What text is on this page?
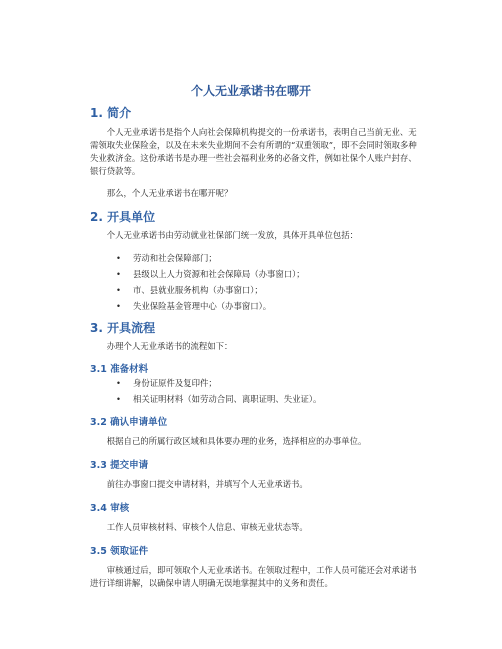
个人无业承诺书在哪开
1. 简介
个人无业承诺书是指个人向社会保障机构提交的一份承诺书，表明自己当前无业、无需领取失业保险金，以及在未来失业期间不会有所谓的“双重领取”，即不会同时领取多种失业救济金。这份承诺书是办理一些社会福利业务的必备文件，例如社保个人账户封存、银行贷款等。
那么，个人无业承诺书在哪开呢？
2. 开具单位
个人无业承诺书由劳动就业社保部门统一发放，具体开具单位包括：
• 劳动和社会保障部门；
• 县级以上人力资源和社会保障局（办事窗口）；
• 市、县就业服务机构（办事窗口）；
• 失业保险基金管理中心（办事窗口）。
3. 开具流程
办理个人无业承诺书的流程如下：
3.1 准备材料
• 身份证原件及复印件；
• 相关证明材料（如劳动合同、离职证明、失业证）。
3.2 确认申请单位
根据自己的所属行政区域和具体要办理的业务，选择相应的办事单位。
3.3 提交申请
前往办事窗口提交申请材料，并填写个人无业承诺书。
3.4 审核
工作人员审核材料、审核个人信息、审核无业状态等。
3.5 领取证件
审核通过后，即可领取个人无业承诺书。在领取过程中，工作人员可能还会对承诺书进行详细讲解，以确保申请人明确无误地掌握其中的义务和责任。
